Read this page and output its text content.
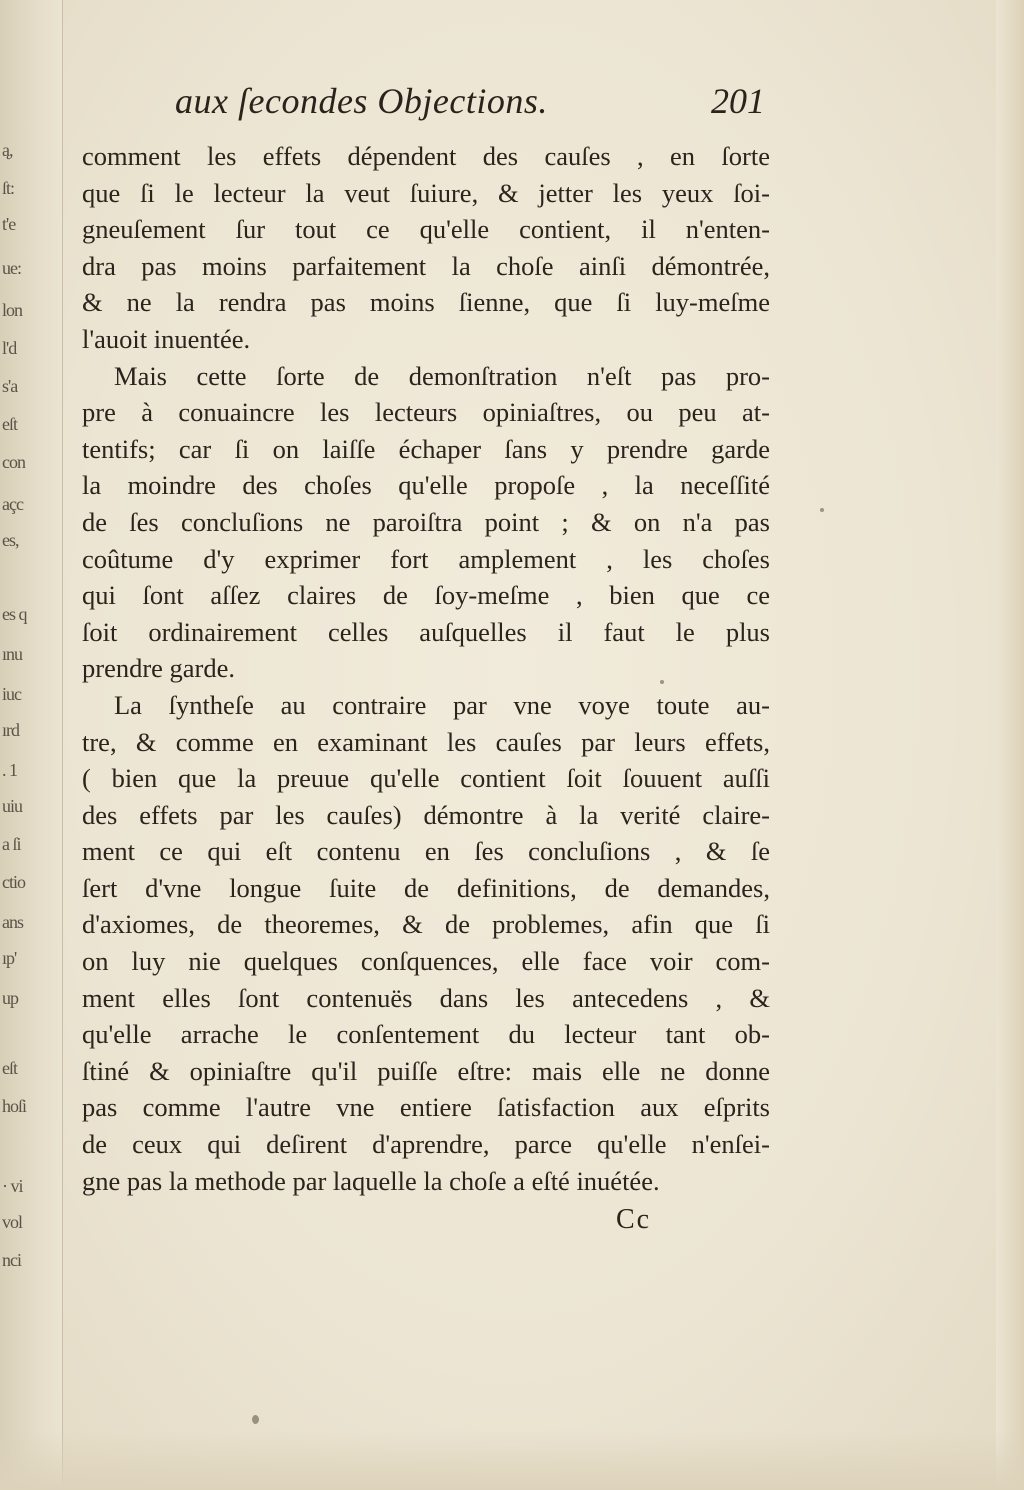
ą,
ſt:
t'e
ue:
lon
l'd
s'a
eſt
con
açc
es,
es q
ınu
iuc
ırd
. 1
uiu
a ſi
ctio
ans
ıp'
up
eſt
hoſi
· vi
vol
nci
aux ſecondes Objections.	201
comment les effets dépendent des cauſes , en ſorte
que ſi le lecteur la veut ſuiure, & jetter les yeux ſoi-
gneuſement ſur tout ce qu'elle contient, il n'enten-
dra pas moins parfaitement la choſe ainſi démontrée,
& ne la rendra pas moins ſienne, que ſi luy-meſme
l'auoit inuentée.
Mais cette ſorte de demonſtration n'eſt pas pro-
pre à conuaincre les lecteurs opiniaſtres, ou peu at-
tentifs; car ſi on laiſſe échaper ſans y prendre garde
la moindre des choſes qu'elle propoſe , la neceſſité
de ſes concluſions ne paroiſtra point ; & on n'a pas
coûtume d'y exprimer fort amplement , les choſes
qui ſont aſſez claires de ſoy-meſme , bien que ce
ſoit ordinairement celles auſquelles il faut le plus
prendre garde.
La ſyntheſe au contraire par vne voye toute au-
tre, & comme en examinant les cauſes par leurs effets,
( bien que la preuue qu'elle contient ſoit ſouuent auſſi
des effets par les cauſes) démontre à la verité claire-
ment ce qui eſt contenu en ſes concluſions , & ſe
ſert d'vne longue ſuite de definitions, de demandes,
d'axiomes, de theoremes, & de problemes, afin que ſi
on luy nie quelques conſquences, elle face voir com-
ment elles ſont contenuës dans les antecedens , &
qu'elle arrache le conſentement du lecteur tant ob-
ſtiné & opiniaſtre qu'il puiſſe eſtre: mais elle ne donne
pas comme l'autre vne entiere ſatisfaction aux eſprits
de ceux qui deſirent d'aprendre, parce qu'elle n'enſei-
gne pas la methode par laquelle la choſe a eſté inuétée.
Cc
